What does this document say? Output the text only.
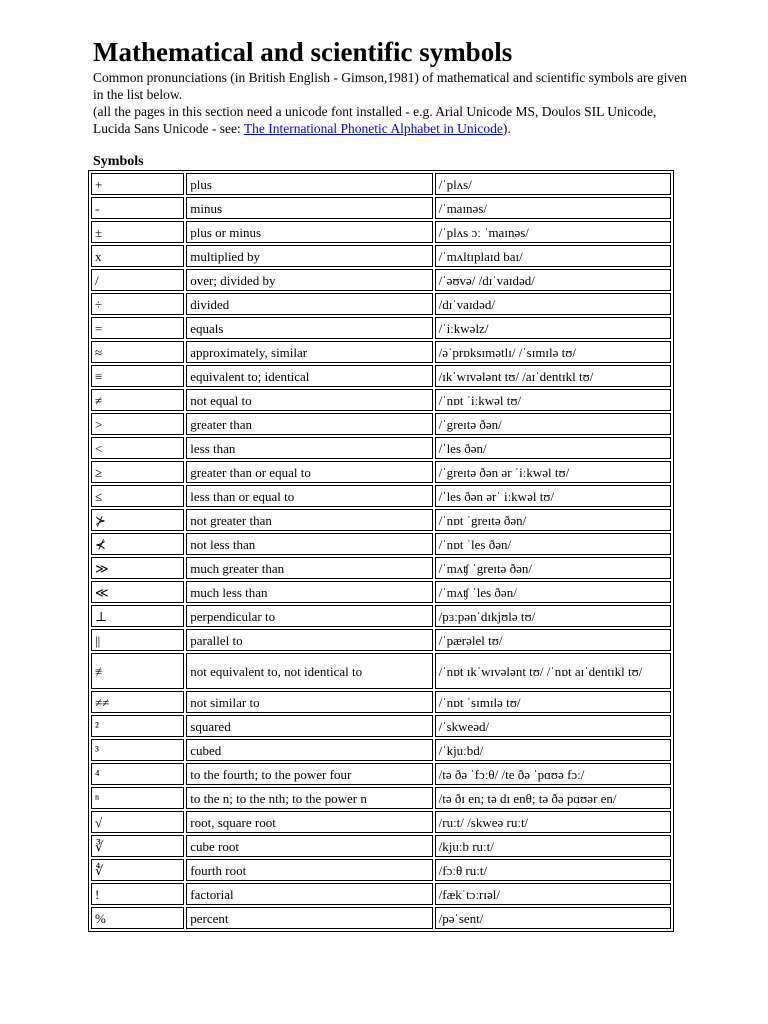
Mathematical and scientific symbols
Common pronunciations (in British English - Gimson,1981) of mathematical and scientific symbols are given in the list below.
(all the pages in this section need a unicode font installed - e.g. Arial Unicode MS, Doulos SIL Unicode, Lucida Sans Unicode - see: The International Phonetic Alphabet in Unicode).
Symbols
+	plus	/ˈplʌs/
-	minus	/ˈmaɪnəs/
±	plus or minus	/ˈplʌs ɔː ˈmaɪnəs/
x	multiplied by	/ˈmʌltɪplaɪd baɪ/
/	over; divided by	/ˈəʊvə/ /dɪˈvaɪdəd/
÷	divided	/dɪˈvaɪdəd/
=	equals	/ˈiːkwəlz/
≈	approximately, similar	/əˈprɒksɪmətlɪ/ /ˈsɪmɪlə tʊ/
≡	equivalent to; identical	/ɪkˈwɪvələnt tʊ/ /aɪˈdentɪkl tʊ/
≠	not equal to	/ˈnɒt ˈiːkwəl tʊ/
>	greater than	/ˈgreɪtə ðən/
<	less than	/ˈles ðən/
≥	greater than or equal to	/ˈgreɪtə ðən ər ˈiːkwəl tʊ/
≤	less than or equal to	/ˈles ðən ərˈ iːkwəl tʊ/
⊁	not greater than	/ˈnɒt ˈgreɪtə ðən/
⊀	not less than	/ˈnɒt ˈles ðən/
≫	much greater than	/ˈmʌʧ ˈgreɪtə ðən/
≪	much less than	/ˈmʌʧ ˈles ðən/
⊥	perpendicular to	/pɜːpənˈdɪkjʊlə tʊ/
||	parallel to	/ˈpærəlel tʊ/
≢	not equivalent to, not identical to	/ˈnɒt ɪkˈwɪvələnt tʊ/ /ˈnɒt aɪˈdentɪkl tʊ/
≠≠	not similar to	/ˈnɒt ˈsɪmɪlə tʊ/
²	squared	/ˈskweəd/
³	cubed	/ˈkjuːbd/
⁴	to the fourth; to the power four	/tə ðə ˈfɔːθ/ /te ðə ˈpɑʊə fɔː/
ⁿ	to the n; to the nth; to the power n	/tə ðɪ en; tə dɪ enθ; tə ðə pɑʊər en/
√	root, square root	/ruːt/ /skweə ruːt/
∛	cube root	/kjuːb ruːt/
∜	fourth root	/fɔːθ ruːt/
!	factorial	/fækˈtɔːrɪəl/
%	percent	/pəˈsent/
